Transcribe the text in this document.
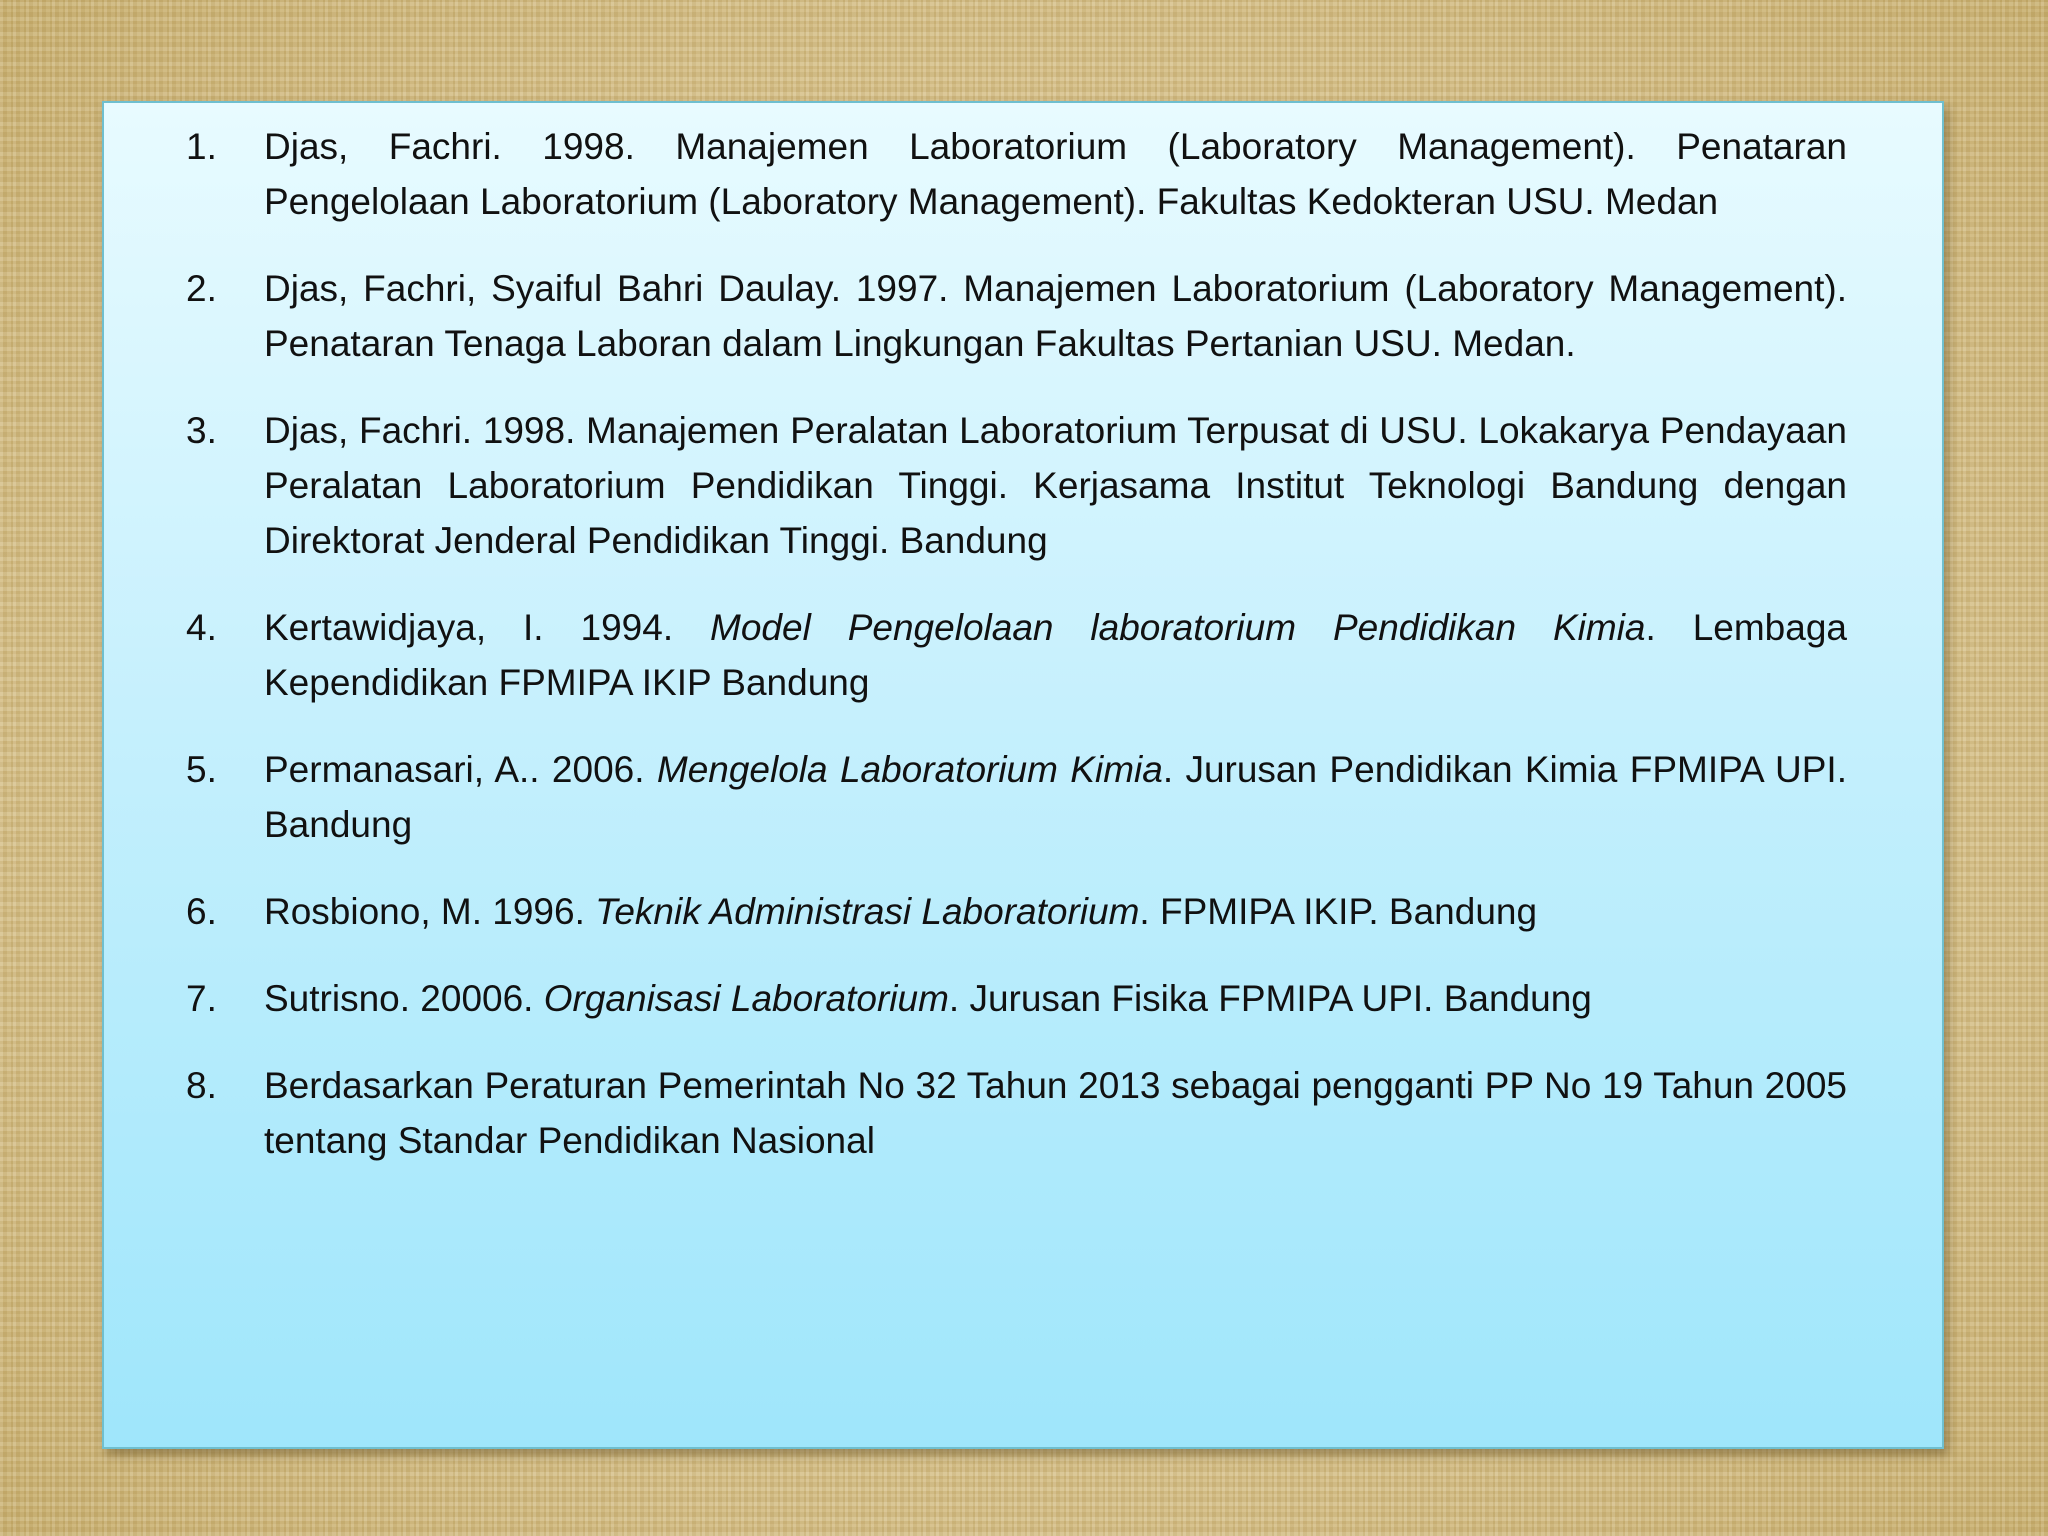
1.	Djas, Fachri. 1998. Manajemen Laboratorium (Laboratory Management). Penataran Pengelolaan Laboratorium (Laboratory Management). Fakultas Kedokteran USU. Medan
2.	Djas, Fachri, Syaiful Bahri Daulay. 1997. Manajemen Laboratorium (Laboratory Management). Penataran Tenaga Laboran dalam Lingkungan Fakultas Pertanian USU. Medan.
3.	Djas, Fachri. 1998. Manajemen Peralatan Laboratorium Terpusat di USU. Lokakarya Pendayaan Peralatan Laboratorium Pendidikan Tinggi. Kerjasama Institut Teknologi Bandung dengan Direktorat Jenderal Pendidikan Tinggi. Bandung
4.	Kertawidjaya, I. 1994. Model Pengelolaan laboratorium Pendidikan Kimia. Lembaga Kependidikan FPMIPA IKIP Bandung
5.	Permanasari, A.. 2006. Mengelola Laboratorium Kimia. Jurusan Pendidikan Kimia FPMIPA UPI. Bandung
6.	Rosbiono, M. 1996. Teknik Administrasi Laboratorium. FPMIPA IKIP. Bandung
7.	Sutrisno. 20006. Organisasi Laboratorium. Jurusan Fisika FPMIPA UPI. Bandung
8.	Berdasarkan Peraturan Pemerintah No 32 Tahun 2013 sebagai pengganti PP No 19 Tahun 2005 tentang Standar Pendidikan Nasional
